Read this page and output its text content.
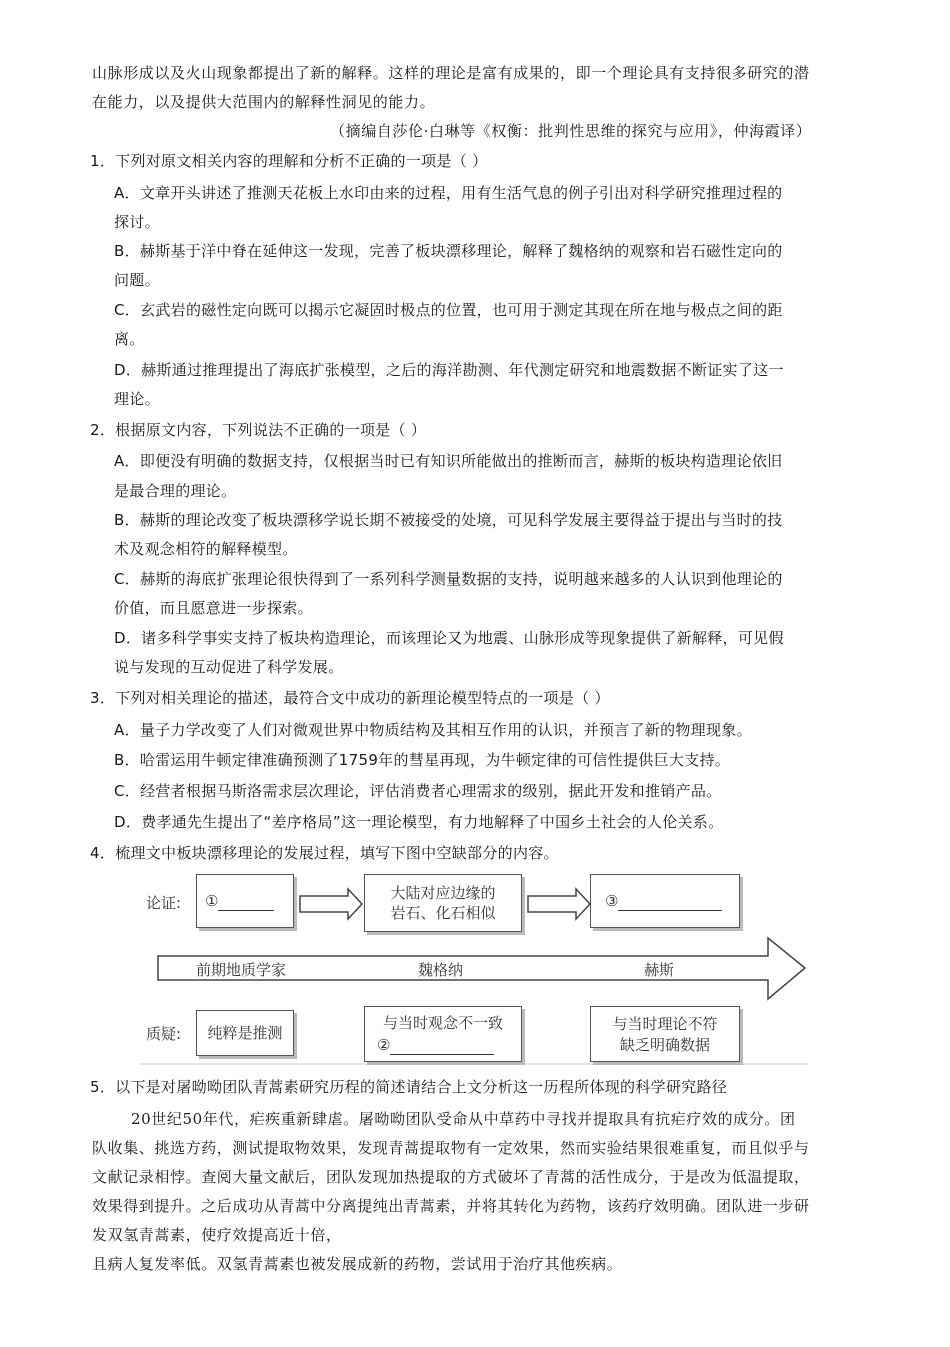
山脉形成以及火山现象都提出了新的解释。这样的理论是富有成果的，即一个理论具有支持很多研究的潜
在能力，以及提供大范围内的解释性洞见的能力。
（摘编自莎伦·白琳等《权衡：批判性思维的探究与应用》，仲海霞译）
1．下列对原文相关内容的理解和分析不正确的一项是（ ）
A．文章开头讲述了推测天花板上水印由来的过程，用有生活气息的例子引出对科学研究推理过程的
探讨。
B．赫斯基于洋中脊在延伸这一发现，完善了板块漂移理论，解释了魏格纳的观察和岩石磁性定向的
问题。
C．玄武岩的磁性定向既可以揭示它凝固时极点的位置，也可用于测定其现在所在地与极点之间的距
离。
D．赫斯通过推理提出了海底扩张模型，之后的海洋勘测、年代测定研究和地震数据不断证实了这一
理论。
2．根据原文内容，下列说法不正确的一项是（ ）
A．即便没有明确的数据支持，仅根据当时已有知识所能做出的推断而言，赫斯的板块构造理论依旧
是最合理的理论。
B．赫斯的理论改变了板块漂移学说长期不被接受的处境，可见科学发展主要得益于提出与当时的技
术及观念相符的解释模型。
C．赫斯的海底扩张理论很快得到了一系列科学测量数据的支持，说明越来越多的人认识到他理论的
价值，而且愿意进一步探索。
D．诸多科学事实支持了板块构造理论，而该理论又为地震、山脉形成等现象提供了新解释，可见假
说与发现的互动促进了科学发展。
3．下列对相关理论的描述，最符合文中成功的新理论模型特点的一项是（ ）
A．量子力学改变了人们对微观世界中物质结构及其相互作用的认识，并预言了新的物理现象。
B．哈雷运用牛顿定律准确预测了1759年的彗星再现，为牛顿定律的可信性提供巨大支持。
C．经营者根据马斯洛需求层次理论，评估消费者心理需求的级别，据此开发和推销产品。
D．费孝通先生提出了“差序格局”这一理论模型，有力地解释了中国乡土社会的人伦关系。
4．梳理文中板块漂移理论的发展过程，填写下图中空缺部分的内容。
论证:
质疑:
①	大陆对应边缘的
岩石、化石相似
③
前期地质学家	魏格纳	赫斯
纯粹是推测
与当时观念不一致
②
与当时理论不符
缺乏明确数据
5．以下是对屠呦呦团队青蒿素研究历程的简述请结合上文分析这一历程所体现的科学研究路径
20世纪50年代，疟疾重新肆虐。屠呦呦团队受命从中草药中寻找并提取具有抗疟疗效的成分。团
队收集、挑选方药，测试提取物效果，发现青蒿提取物有一定效果，然而实验结果很难重复，而且似乎与
文献记录相悖。查阅大量文献后，团队发现加热提取的方式破坏了青蒿的活性成分，于是改为低温提取，
效果得到提升。之后成功从青蒿中分离提纯出青蒿素，并将其转化为药物，该药疗效明确。团队进一步研
发双氢青蒿素，使疗效提高近十倍，
且病人复发率低。双氢青蒿素也被发展成新的药物，尝试用于治疗其他疾病。
